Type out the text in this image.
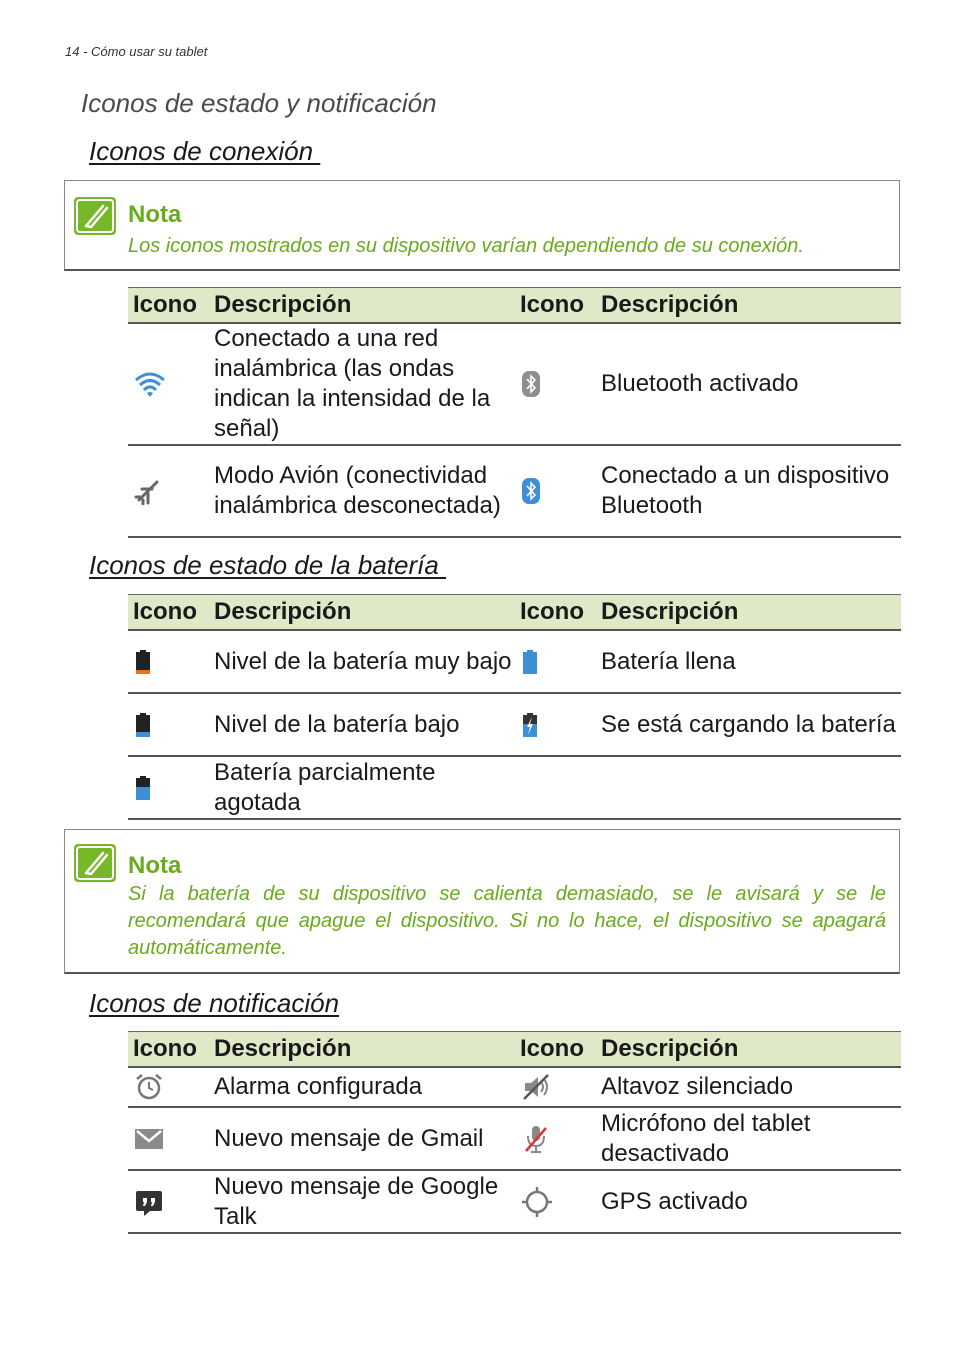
14 - Cómo usar su tablet
Iconos de estado y notificación
Iconos de conexión
Nota
Los iconos mostrados en su dispositivo varían dependiendo de su conexión.
Icono	Descripción	Icono	Descripción

	Conectado a una red inalámbrica (las ondas indican la intensidad de la señal)		Bluetooth activado

	Modo Avión (conectividad inalámbrica desconectada)		Conectado a un dispositivo Bluetooth
Iconos de estado de la batería
Icono	Descripción	Icono	Descripción

	Nivel de la batería muy bajo		Batería llena

	Nivel de la batería bajo		Se está cargando la batería

	Batería parcialmente agotada		
Nota
Si la batería de su dispositivo se calienta demasiado, se le avisará y se le recomendará que apague el dispositivo. Si no lo hace, el dispositivo se apagará automáticamente.
Iconos de notificación
Icono	Descripción	Icono	Descripción

	Alarma configurada		Altavoz silenciado

	Nuevo mensaje de Gmail		Micrófono del tablet desactivado

	Nuevo mensaje de Google Talk		GPS activado
